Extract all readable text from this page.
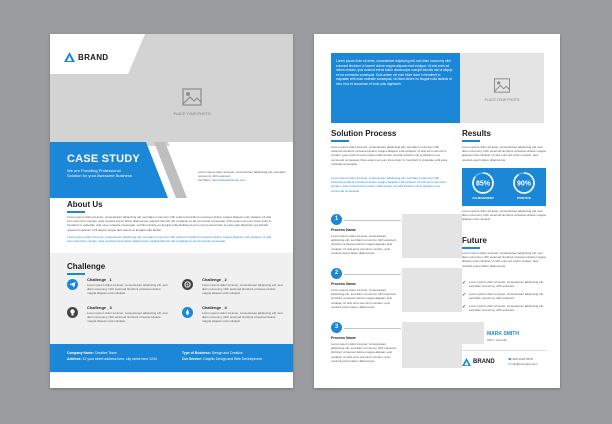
BRAND
PLACE YOUR PHOTO
CASE STUDY
We are Providing Professional
Solution for your Awesome Business
Lorem ipsum dolor sit amet, consectetuer adipiscing elit, sed diam nonummy nibh euismod.
For More: www.websitedomain.com
About Us
Lorem ipsum dolor sit amet, consectetuer adipiscing elit, sed diam nonummy nibh euismod tincidunt ut laoreet dolore magna aliquam erat volutpat. Ut wisi enim ad minim veniam, quis nostrud exerci tation ullamcorper suscipit lobortis nisl ut aliquip ex ea commodo consequat. Duis autem vel eum iriure dolor in hendrerit in vulputate velit esse molestie consequat, vel illum dolore eu feugiat nulla facilisis at vero eros et accumsan et iusto odio dignissim qui blandit praesent luptatum zzril delenit augue duis dolore te feugait nulla facilisi.
Lorem ipsum dolor sit amet, consectetuer adipiscing elit, sed diam nonummy nibh euismod tincidunt ut laoreet dolore magna aliquam erat volutpat. Ut wisi enim ad minim veniam, quis nostrud exerci tation ullamcorper suscipit lobortis nisl ut aliquip ex ea commodo consequat.
Challenge
Challenge _1
Lorem ipsum dolor sit amet, consectetuer adipiscing elit, sed diam nonummy nibh euismod tincidunt ut laoreet dolore magna aliquam erat volutpat.
Challenge _2
Lorem ipsum dolor sit amet, consectetuer adipiscing elit, sed diam nonummy nibh euismod tincidunt ut laoreet dolore magna aliquam erat volutpat.
Challenge _3
Lorem ipsum dolor sit amet, consectetuer adipiscing elit, sed diam nonummy nibh euismod tincidunt ut laoreet dolore magna aliquam erat volutpat.
Challenge _4
Lorem ipsum dolor sit amet, consectetuer adipiscing elit, sed diam nonummy nibh euismod tincidunt ut laoreet dolore magna aliquam erat volutpat.
Company Name: Creative Team
Address: 12 your street address here, city name here 1234
Type of Business: Design and Creative
Our Service: Graphic Design and Web Development
Lorem ipsum dolor sit amet, consectetuer adipiscing elit, sed diam nonummy nibh euismod tincidunt ut laoreet dolore magna aliquam erat volutpat. Ut wisi enim ad minim veniam, quis nostrud exerci tation ullamcorper suscipit lobortis nisl ut aliquip ex ea commodo consequat. Duis autem vel eum iriure dolor in hendrerit in vulputate velit esse molestie consequat, vel illum dolore eu feugiat nulla facilisis at vero eros et accumsan et iusto odio dignissim.
PLACE YOUR PHOTO
Solution Process
Lorem ipsum dolor sit amet, consectetuer adipiscing elit, sed diam nonummy nibh euismod tincidunt ut laoreet dolore magna aliquam erat volutpat. Ut wisi enim ad minim veniam, quis nostrud exerci tation ullamcorper suscipit lobortis nisl ut aliquip ex ea commodo consequat. Duis autem vel eum iriure dolor in hendrerit in vulputate velit esse molestie consequat.
Lorem ipsum dolor sit amet, consectetuer adipiscing elit, sed diam nonummy nibh euismod tincidunt ut laoreet dolore magna aliquam erat volutpat. Ut wisi enim ad minim veniam, quis nostrud exerci tation ullamcorper suscipit lobortis nisl ut aliquip ex ea commodo consequat.
1
Process Name
Lorem ipsum dolor sit amet, consectetuer adipiscing elit, sed diam nonummy nibh euismod tincidunt ut laoreet dolore magna aliquam erat volutpat. Ut wisi enim ad minim veniam, quis nostrud exerci tation ullamcorper.
2
Process Name
Lorem ipsum dolor sit amet, consectetuer adipiscing elit, sed diam nonummy nibh euismod tincidunt ut laoreet dolore magna aliquam erat volutpat. Ut wisi enim ad minim veniam, quis nostrud exerci tation ullamcorper.
3
Process Name
Lorem ipsum dolor sit amet, consectetuer adipiscing elit, sed diam nonummy nibh euismod tincidunt ut laoreet dolore magna aliquam erat volutpat. Ut wisi enim ad minim veniam, quis nostrud exerci tation ullamcorper.
Results
Lorem ipsum dolor sit amet, consectetuer adipiscing elit, sed diam nonummy nibh euismod tincidunt ut laoreet dolore magna aliquam erat volutpat. Ut wisi enim ad minim veniam, quis nostrud exerci tation ullamcorper.
85%
ACHIEVEMENT
90%
POSITIVE
Lorem ipsum dolor sit amet, consectetuer adipiscing elit, sed diam nonummy nibh euismod tincidunt ut laoreet dolore magna aliquam erat volutpat.
Future
Lorem ipsum dolor sit amet, consectetuer adipiscing elit, sed diam nonummy nibh euismod tincidunt ut laoreet dolore magna aliquam erat volutpat. Ut wisi enim ad minim veniam, quis nostrud exerci tation ullamcorper.
✔ Lorem ipsum dolor sit amet, consectetuer adipiscing elit, sed diam nonummy nibh euismod.
✔ Lorem ipsum dolor sit amet, consectetuer adipiscing elit, sed diam nonummy nibh euismod.
✔ Lorem ipsum dolor sit amet, consectetuer adipiscing elit, sed diam nonummy nibh euismod.
MARK SMITH
CEO / Founder
BRAND	☎ 000 1234 5678
✉ info@company.com
